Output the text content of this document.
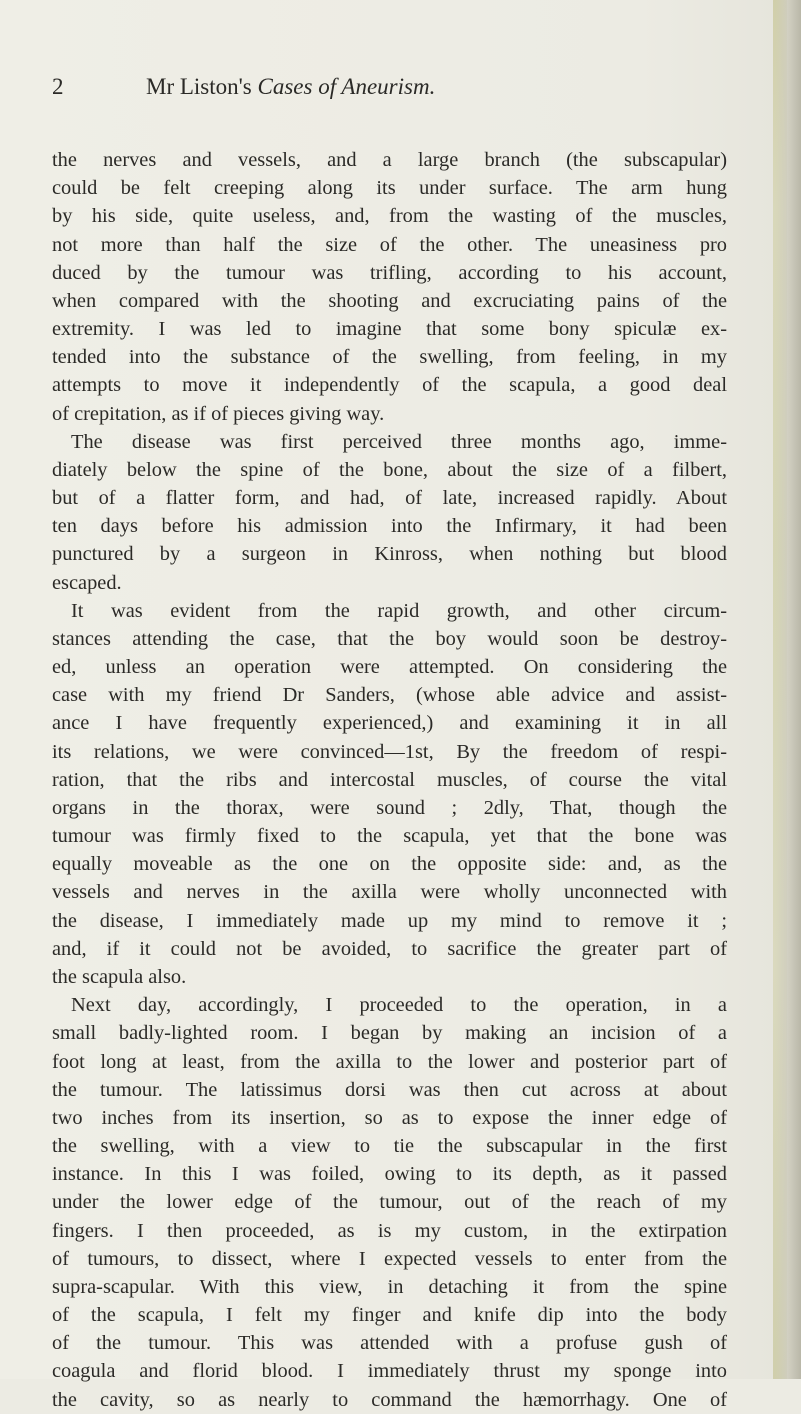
2	Mr Liston's Cases of Aneurism.
the nerves and vessels, and a large branch (the subscapular)
could be felt creeping along its under surface. The arm hung
by his side, quite useless, and, from the wasting of the muscles,
not more than half the size of the other. The uneasiness pro
duced by the tumour was trifling, according to his account,
when compared with the shooting and excruciating pains of the
extremity. I was led to imagine that some bony spiculæ ex-
tended into the substance of the swelling, from feeling, in my
attempts to move it independently of the scapula, a good deal
of crepitation, as if of pieces giving way.
The disease was first perceived three months ago, imme-
diately below the spine of the bone, about the size of a filbert,
but of a flatter form, and had, of late, increased rapidly. About
ten days before his admission into the Infirmary, it had been
punctured by a surgeon in Kinross, when nothing but blood
escaped.
It was evident from the rapid growth, and other circum-
stances attending the case, that the boy would soon be destroy-
ed, unless an operation were attempted. On considering the
case with my friend Dr Sanders, (whose able advice and assist-
ance I have frequently experienced,) and examining it in all
its relations, we were convinced—1st, By the freedom of respi-
ration, that the ribs and intercostal muscles, of course the vital
organs in the thorax, were sound ; 2dly, That, though the
tumour was firmly fixed to the scapula, yet that the bone was
equally moveable as the one on the opposite side: and, as the
vessels and nerves in the axilla were wholly unconnected with
the disease, I immediately made up my mind to remove it ;
and, if it could not be avoided, to sacrifice the greater part of
the scapula also.
Next day, accordingly, I proceeded to the operation, in a
small badly-lighted room. I began by making an incision of a
foot long at least, from the axilla to the lower and posterior part of
the tumour. The latissimus dorsi was then cut across at about
two inches from its insertion, so as to expose the inner edge of
the swelling, with a view to tie the subscapular in the first
instance. In this I was foiled, owing to its depth, as it passed
under the lower edge of the tumour, out of the reach of my
fingers. I then proceeded, as is my custom, in the extirpation
of tumours, to dissect, where I expected vessels to enter from the
supra-scapular. With this view, in detaching it from the spine
of the scapula, I felt my finger and knife dip into the body
of the tumour. This was attended with a profuse gush of
coagula and florid blood. I immediately thrust my sponge into
the cavity, so as nearly to command the hæmorrhagy. One of
